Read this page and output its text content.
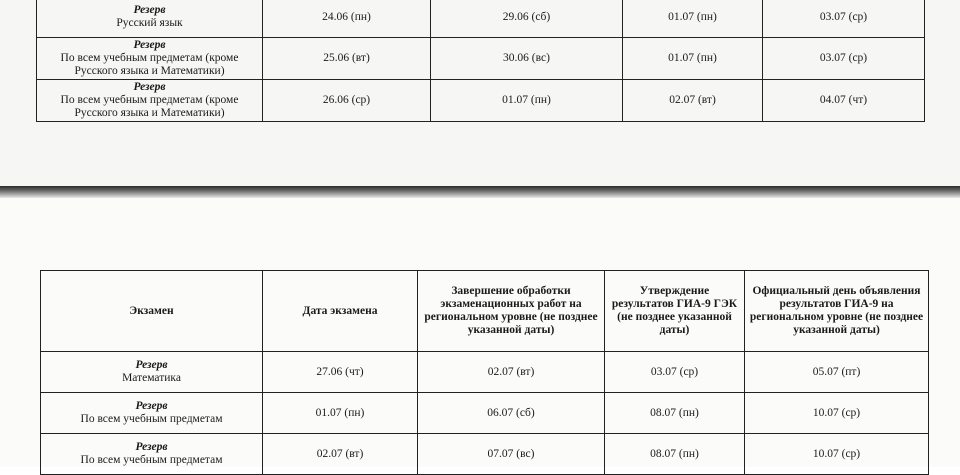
Резерв
Русский язык	24.06 (пн)	29.06 (сб)	01.07 (пн)	03.07 (ср)

Резерв
По всем учебным предметам (кроме Русского языка и Математики)	25.06 (вт)	30.06 (вс)	01.07 (пн)	03.07 (ср)

Резерв
По всем учебным предметам (кроме Русского языка и Математики)	26.06 (ср)	01.07 (пн)	02.07 (вт)	04.07 (чт)
Экзамен	Дата экзамена	Завершение обработки экзаменационных работ на региональном уровне (не позднее указанной даты)	Утверждение результатов ГИА-9 ГЭК (не позднее указанной даты)	Официальный день объявления результатов ГИА-9 на региональном уровне (не позднее указанной даты)

Резерв
Математика	27.06 (чт)	02.07 (вт)	03.07 (ср)	05.07 (пт)

Резерв
По всем учебным предметам	01.07 (пн)	06.07 (сб)	08.07 (пн)	10.07 (ср)

Резерв
По всем учебным предметам	02.07 (вт)	07.07 (вс)	08.07 (пн)	10.07 (ср)
